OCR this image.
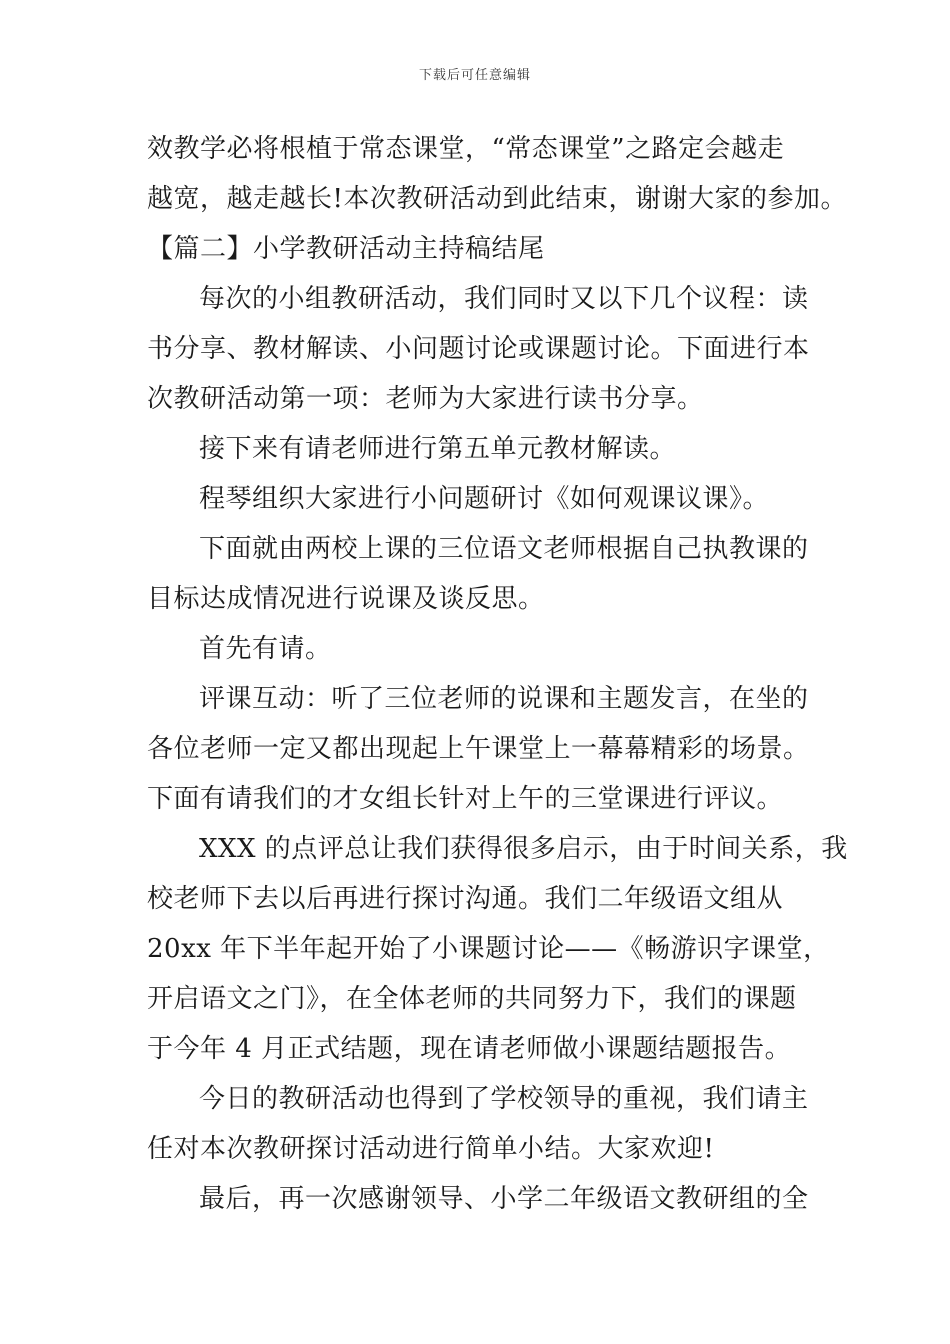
下载后可任意编辑
效教学必将根植于常态课堂，“常态课堂”之路定会越走
越宽，越走越长!本次教研活动到此结束，谢谢大家的参加。
【篇二】小学教研活动主持稿结尾
每次的小组教研活动，我们同时又以下几个议程：读
书分享、教材解读、小问题讨论或课题讨论。下面进行本
次教研活动第一项：老师为大家进行读书分享。
接下来有请老师进行第五单元教材解读。
程琴组织大家进行小问题研讨《如何观课议课》。
下面就由两校上课的三位语文老师根据自己执教课的
目标达成情况进行说课及谈反思。
首先有请。
评课互动：听了三位老师的说课和主题发言，在坐的
各位老师一定又都出现起上午课堂上一幕幕精彩的场景。
下面有请我们的才女组长针对上午的三堂课进行评议。
XXX 的点评总让我们获得很多启示，由于时间关系，我
校老师下去以后再进行探讨沟通。我们二年级语文组从
20xx 年下半年起开始了小课题讨论——《畅游识字课堂，
开启语文之门》，在全体老师的共同努力下，我们的课题
于今年 4 月正式结题，现在请老师做小课题结题报告。
今日的教研活动也得到了学校领导的重视，我们请主
任对本次教研探讨活动进行简单小结。大家欢迎!
最后，再一次感谢领导、小学二年级语文教研组的全
